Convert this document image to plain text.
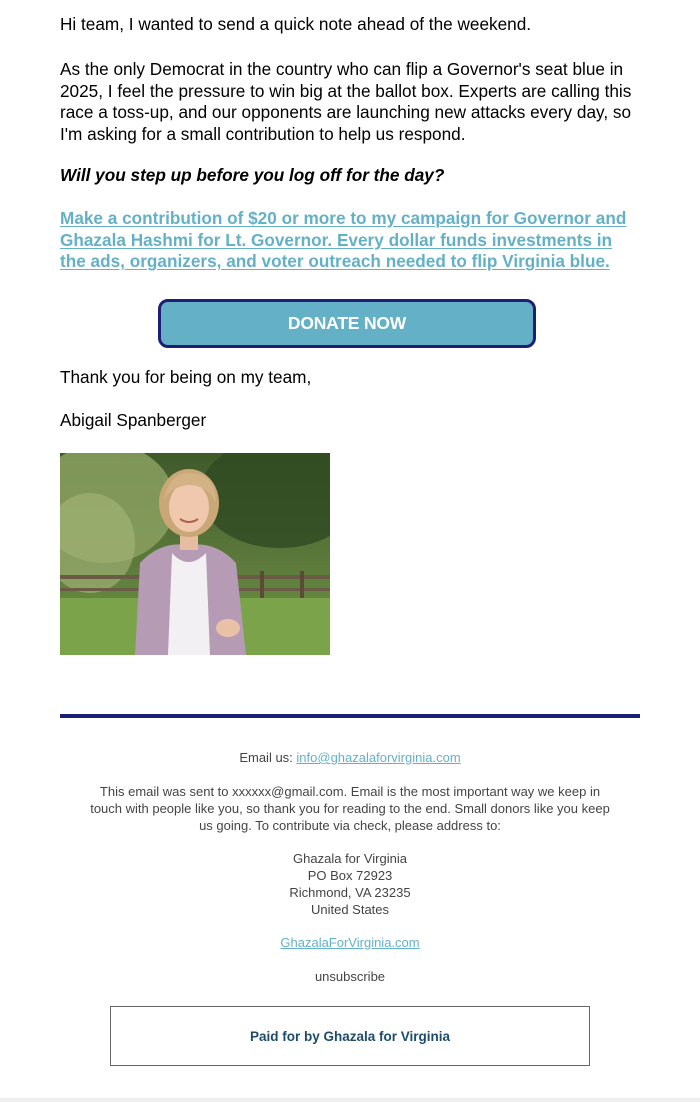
Hi team, I wanted to send a quick note ahead of the weekend.

As the only Democrat in the country who can flip a Governor's seat blue in 2025, I feel the pressure to win big at the ballot box. Experts are calling this race a toss-up, and our opponents are launching new attacks every day, so I'm asking for a small contribution to help us respond.

Will you step up before you log off for the day?

Make a contribution of $20 or more to my campaign for Governor and Ghazala Hashmi for Lt. Governor. Every dollar funds investments in the ads, organizers, and voter outreach needed to flip Virginia blue.
DONATE NOW

Thank you for being on my team,

Abigail Spanberger

Email us: info@ghazalaforvirginia.com
This email was sent to xxxxxx@gmail.com. Email is the most important way we keep in touch with people like you, so thank you for reading to the end. Small donors like you keep us going. To contribute via check, please address to:
Ghazala for Virginia
PO Box 72923
Richmond, VA 23235
United States
GhazalaForVirginia.com
unsubscribe
Paid for by Ghazala for Virginia
